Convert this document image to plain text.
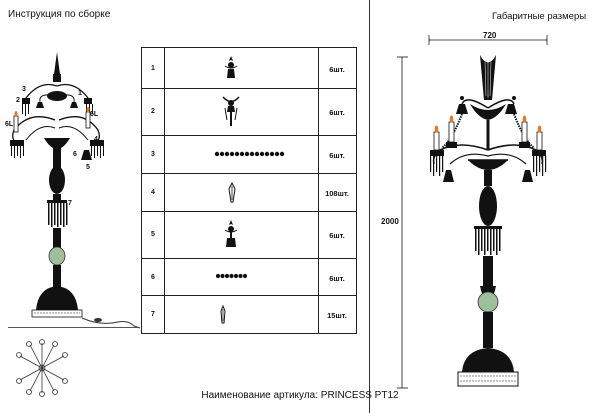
Инструкция по сборке	Габаритные размеры
2
3
6L
6L
1
6
4
5
7
1	6шт.
2	6шт.
3	6шт.
4	108шт.
5	6шт.
6	6шт.
7	15шт.
720
2000
Наименование артикула: PRINCESS PT12
